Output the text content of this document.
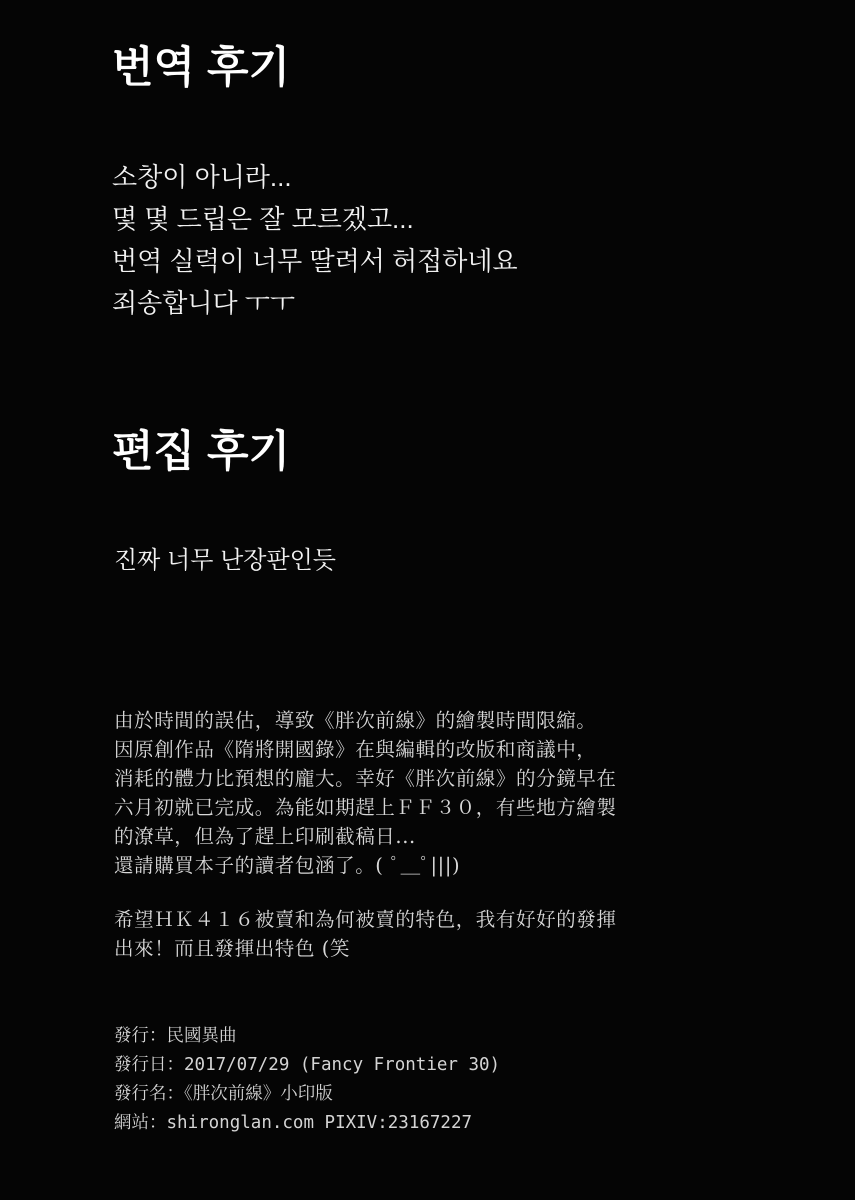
번역 후기
소창이 아니라...
몇 몇 드립은 잘 모르겠고...
번역 실력이 너무 딸려서 허접하네요
죄송합니다 ㅜㅜ
편집 후기
진짜 너무 난장판인듯
由於時間的誤估，導致《胖次前線》的繪製時間限縮。
因原創作品《隋將開國錄》在與編輯的改版和商議中，
消耗的體力比預想的龐大。幸好《胖次前線》的分鏡早在
六月初就已完成。為能如期趕上ＦＦ３０，有些地方繪製
的潦草，但為了趕上印刷截稿日...
還請購買本子的讀者包涵了。( ﾟ＿ﾟ|||)
希望ＨＫ４１６被賣和為何被賣的特色，我有好好的發揮
出來！而且發揮出特色 (笑
發行：民國異曲
發行日：2017/07/29 (Fancy Frontier 30)
發行名：《胖次前線》小印版
網站：shironglan.com PIXIV:23167227
